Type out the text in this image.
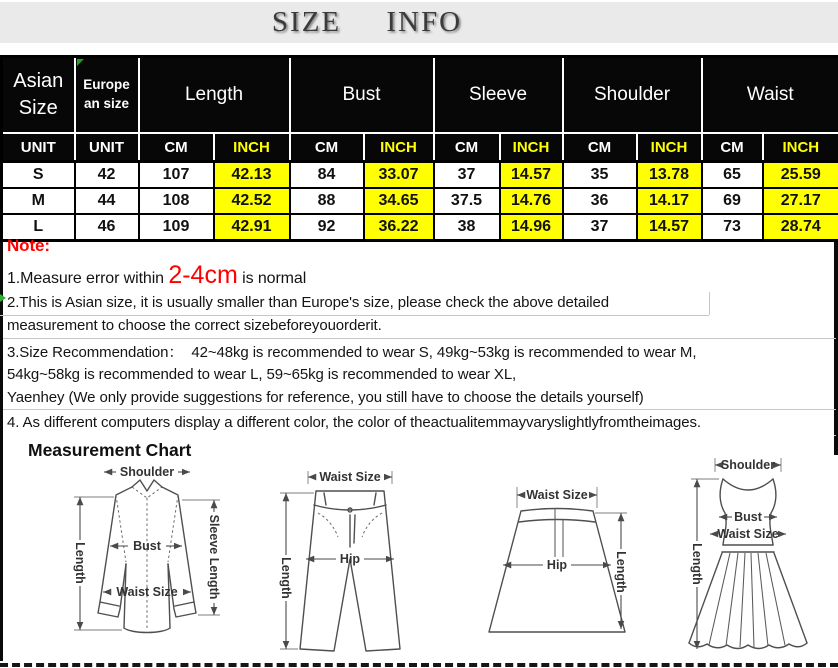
SIZE INFO
Asian Size	Europe an size	Length		Bust		Sleeve		Shoulder		Waist	
UNIT	UNIT	CM	INCH	CM	INCH	CM	INCH	CM	INCH	CM	INCH
S	42	107	42.13	84	33.07	37	14.57	35	13.78	65	25.59
M	44	108	42.52	88	34.65	37.5	14.76	36	14.17	69	27.17
L	46	109	42.91	92	36.22	38	14.96	37	14.57	73	28.74
Note:
1.Measure error within 2-4cm is normal
2.This is Asian size, it is usually smaller than Europe's size, please check the above detailed
measurement to choose the correct sizebeforeyouorderit.
3.Size Recommendation：  42~48kg is recommended to wear S, 49kg~53kg is recommended to wear M,
54kg~58kg is recommended to wear L, 59~65kg is recommended to wear XL,
Yaenhey (We only provide suggestions for reference, you still have to choose the details yourself)
4. As different computers display a different color, the color of theactualitemmayvaryslightlyfromtheimages.
Measurement Chart
Shoulder
Length	Bust
Waist Size Sleeve Length
Waist Size
Hip
Length
Waist Size
Hip	Length
Shoulder
Bust
Waist Size
Length
